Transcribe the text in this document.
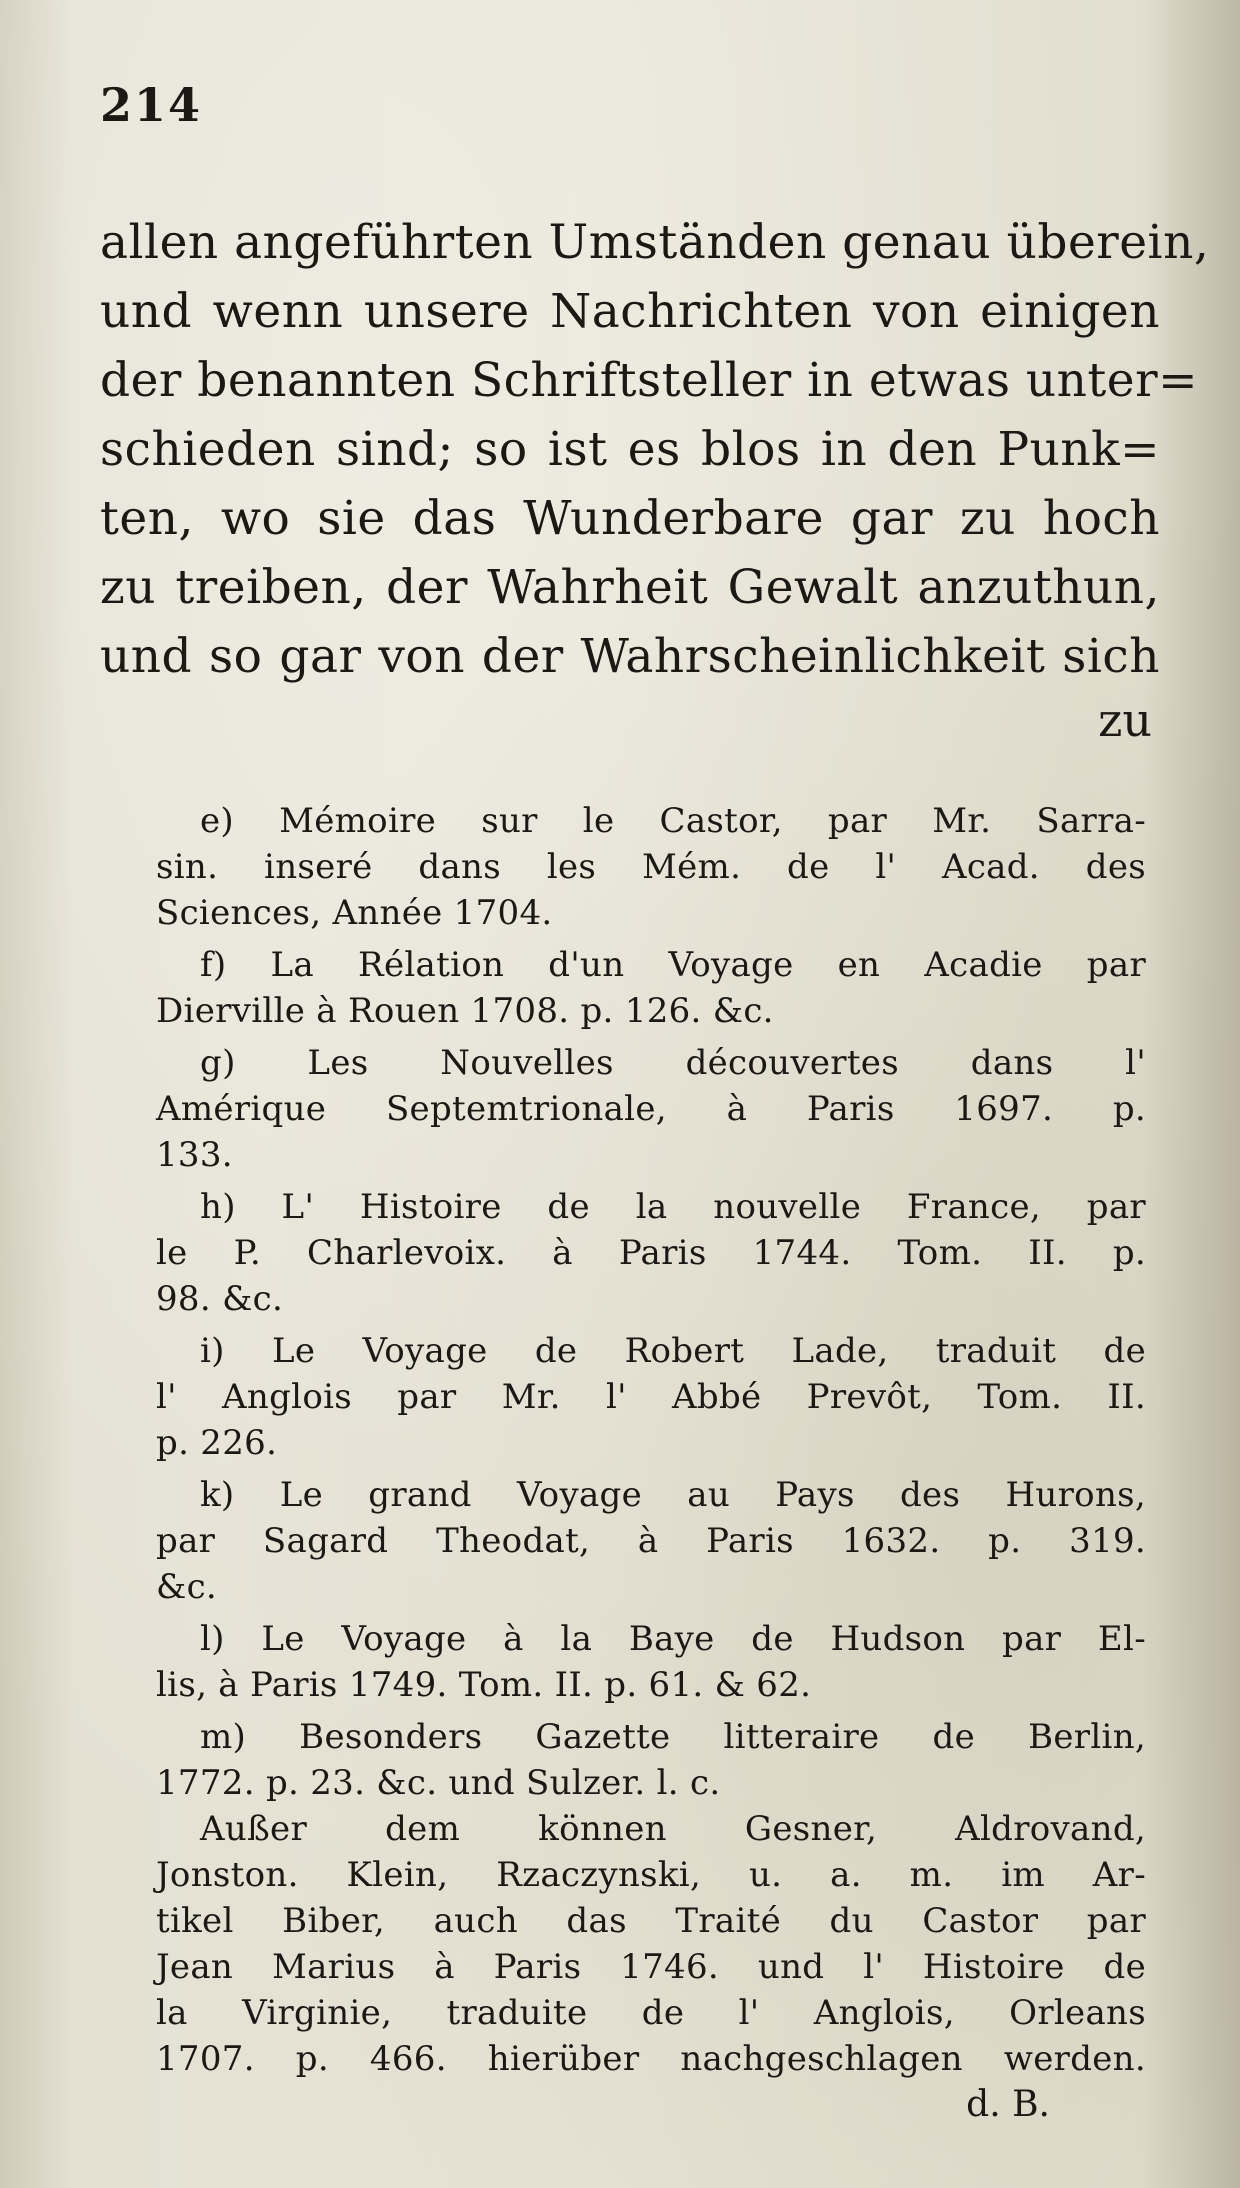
214
allen angeführten Umständen genau überein,
und wenn unsere Nachrichten von einigen
der benannten Schriftsteller in etwas unter=
schieden sind; so ist es blos in den Punk=
ten, wo sie das Wunderbare gar zu hoch
zu treiben, der Wahrheit Gewalt anzuthun,
und so gar von der Wahrscheinlichkeit sich
zu
e) Mémoire sur le Castor, par Mr. Sarra-
sin. inseré dans les Mém. de l' Acad. des
Sciences, Année 1704.
f) La Rélation d'un Voyage en Acadie par
Dierville à Rouen 1708. p. 126. &c.
g) Les Nouvelles découvertes dans l'
Amérique Septemtrionale, à Paris 1697. p.
133.
h) L' Histoire de la nouvelle France, par
le P. Charlevoix. à Paris 1744. Tom. II. p.
98. &c.
i) Le Voyage de Robert Lade, traduit de
l' Anglois par Mr. l' Abbé Prevôt, Tom. II.
p. 226.
k) Le grand Voyage au Pays des Hurons,
par Sagard Theodat, à Paris 1632. p. 319.
&c.
l) Le Voyage à la Baye de Hudson par El-
lis, à Paris 1749. Tom. II. p. 61. & 62.
m) Besonders Gazette litteraire de Berlin,
1772. p. 23. &c. und Sulzer. l. c.
Außer dem können Gesner, Aldrovand,
Jonston. Klein, Rzaczynski, u. a. m. im Ar-
tikel Biber, auch das Traité du Castor par
Jean Marius à Paris 1746. und l' Histoire de
la Virginie, traduite de l' Anglois, Orleans
1707. p. 466. hierüber nachgeschlagen werden.
d. B.
